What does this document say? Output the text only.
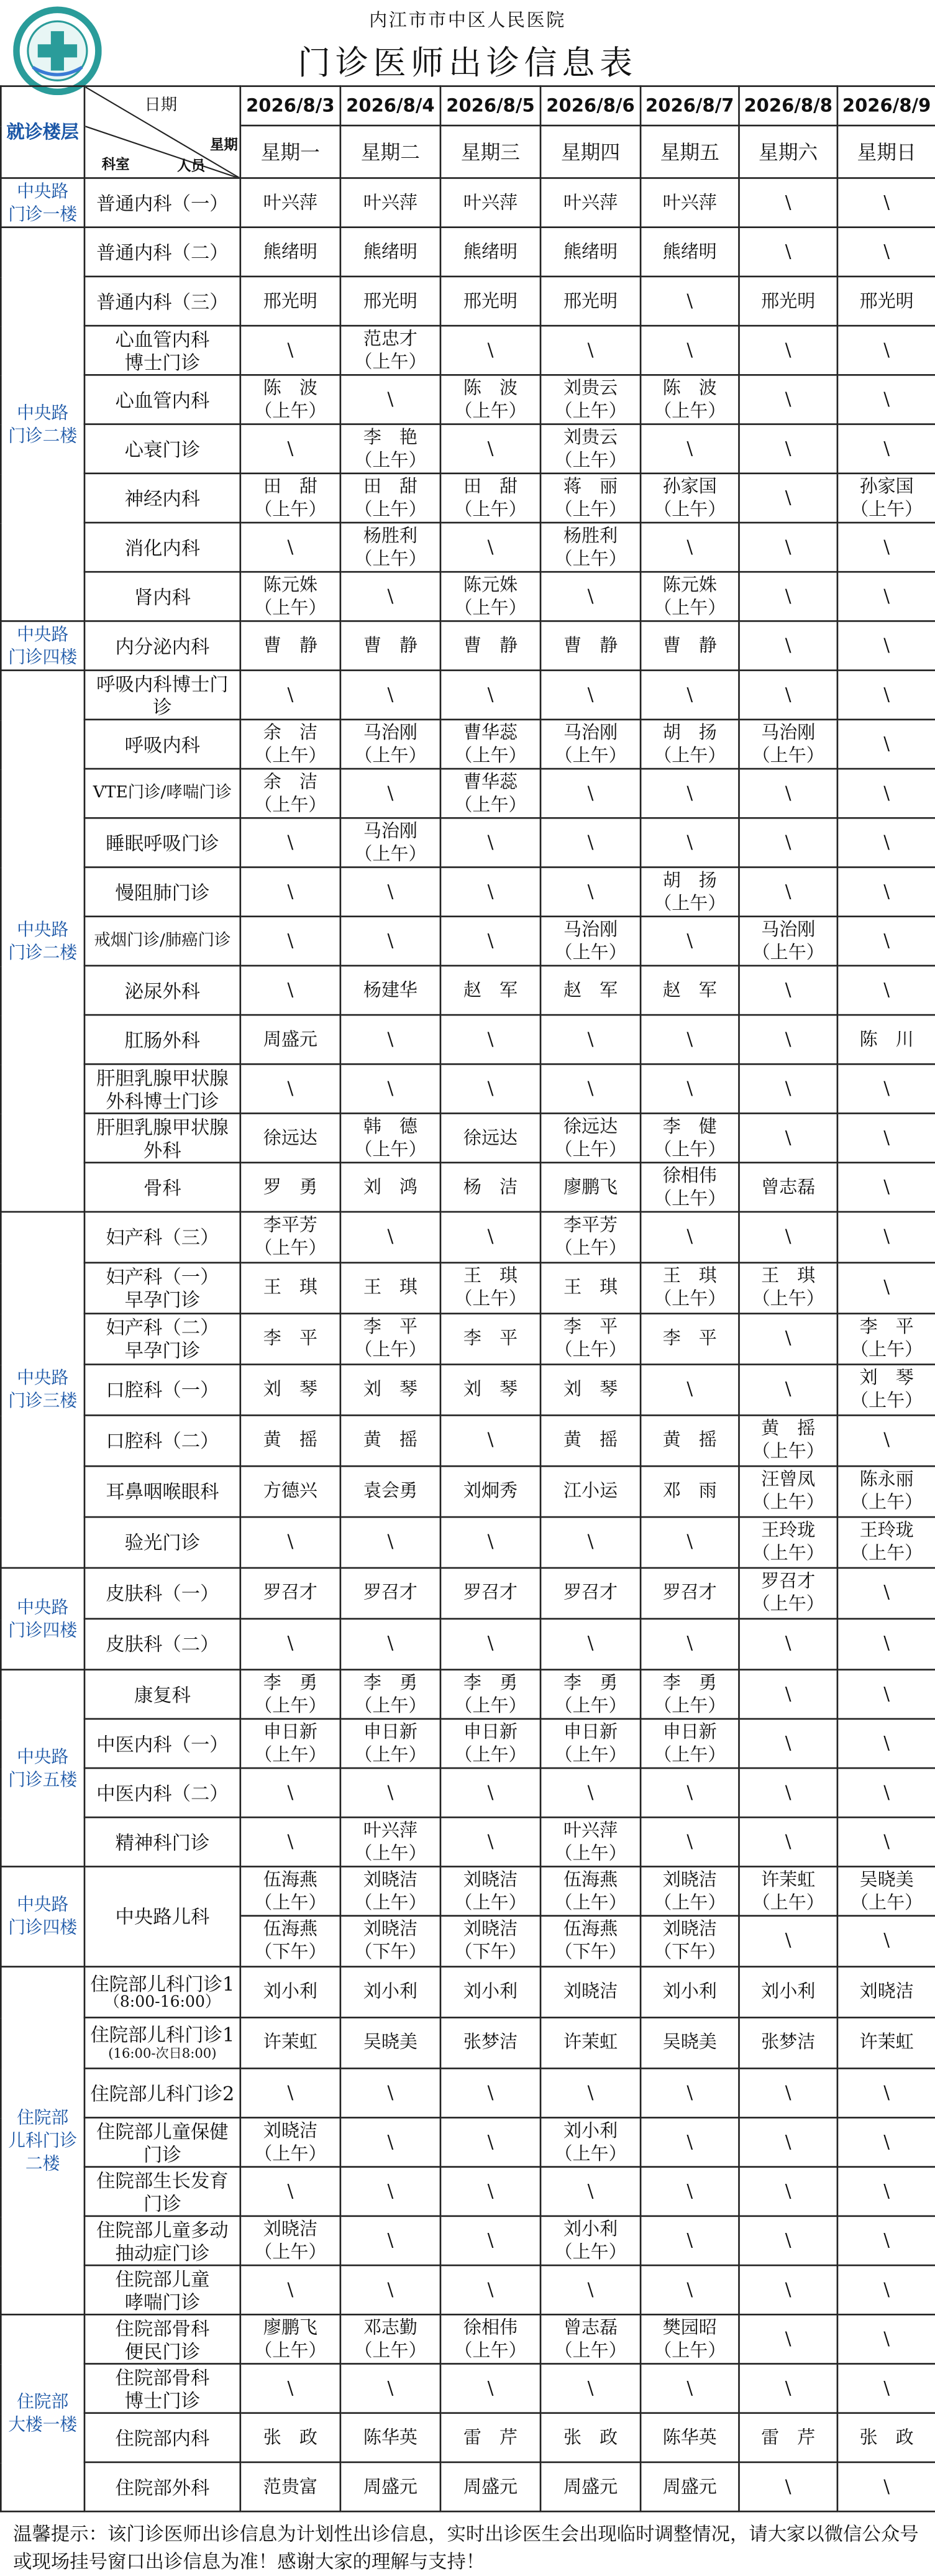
内江市市中区人民医院
门诊医师出诊信息表
就诊楼层	日期
星期
人员
科室	2026/8/3	2026/8/4	2026/8/5	2026/8/6	2026/8/7	2026/8/8	2026/8/9
		星期一	星期二	星期三	星期四	星期五	星期六	星期日

中央路
门诊一楼	普通内科（一）	叶兴萍	叶兴萍	叶兴萍	叶兴萍	叶兴萍	\	\

中央路
门诊二楼	普通内科（二）	熊绪明	熊绪明	熊绪明	熊绪明	熊绪明	\	\

	普通内科（三）	邢光明	邢光明	邢光明	邢光明	\	邢光明	邢光明

	心血管内科
博士门诊	\	范忠才
（上午）	\	\	\	\	\

	心血管内科	陈　波
（上午）	\	陈　波
（上午）	刘贵云
（上午）	陈　波
（上午）	\	\

	心衰门诊	\	李　艳
（上午）	\	刘贵云
（上午）	\	\	\

	神经内科	田　甜
（上午）	田　甜
（上午）	田　甜
（上午）	蒋　丽
（上午）	孙家国
（上午）	\	孙家国
（上午）

	消化内科	\	杨胜利
（上午）	\	杨胜利
（上午）	\	\	\

	肾内科	陈元姝
（上午）	\	陈元姝
（上午）	\	陈元姝
（上午）	\	\

中央路
门诊四楼	内分泌内科	曹　静	曹　静	曹　静	曹　静	曹　静	\	\

中央路
门诊二楼	呼吸内科博士门
诊	\	\	\	\	\	\	\

	呼吸内科	余　洁
（上午）	马治刚
（上午）	曹华蕊
（上午）	马治刚
（上午）	胡　扬
（上午）	马治刚
（上午）	\

	VTE门诊/哮喘门诊	余　洁
（上午）	\	曹华蕊
（上午）	\	\	\	\

	睡眠呼吸门诊	\	马治刚
（上午）	\	\	\	\	\

	慢阻肺门诊	\	\	\	\	胡　扬
（上午）	\	\

	戒烟门诊/肺癌门诊	\	\	\	马治刚
（上午）	\	马治刚
（上午）	\

	泌尿外科	\	杨建华	赵　军	赵　军	赵　军	\	\

	肛肠外科	周盛元	\	\	\	\	\	陈　川

	肝胆乳腺甲状腺
外科博士门诊	\	\	\	\	\	\	\

	肝胆乳腺甲状腺
外科	徐远达	韩　德
（上午）	徐远达	徐远达
（上午）	李　健
（上午）	\	\

	骨科	罗　勇	刘　鸿	杨　洁	廖鹏飞	徐相伟
（上午）	曾志磊	\

中央路
门诊三楼	妇产科（三）	李平芳
（上午）	\	\	李平芳
（上午）	\	\	\

	妇产科（一）
早孕门诊	王　琪	王　琪	王　琪
（上午）	王　琪	王　琪
（上午）	王　琪
（上午）	\

	妇产科（二）
早孕门诊	李　平	李　平
（上午）	李　平	李　平
（上午）	李　平	\	李　平
（上午）

	口腔科（一）	刘　琴	刘　琴	刘　琴	刘　琴	\	\	刘　琴
（上午）

	口腔科（二）	黄　摇	黄　摇	\	黄　摇	黄　摇	黄　摇
（上午）	\

	耳鼻咽喉眼科	方德兴	袁会勇	刘炯秀	江小运	邓　雨	汪曾凤
（上午）	陈永丽
（上午）

	验光门诊	\	\	\	\	\	王玲珑
（上午）	王玲珑
（上午）

中央路
门诊四楼	皮肤科（一）	罗召才	罗召才	罗召才	罗召才	罗召才	罗召才
（上午）	\

	皮肤科（二）	\	\	\	\	\	\	\

中央路
门诊五楼	康复科	李　勇
（上午）	李　勇
（上午）	李　勇
（上午）	李　勇
（上午）	李　勇
（上午）	\	\

	中医内科（一）	申日新
（上午）	申日新
（上午）	申日新
（上午）	申日新
（上午）	申日新
（上午）	\	\

	中医内科（二）	\	\	\	\	\	\	\

	精神科门诊	\	叶兴萍
（上午）	\	叶兴萍
（上午）	\	\	\

中央路
门诊四楼	中央路儿科	伍海燕
（上午）	刘晓洁
（上午）	刘晓洁
（上午）	伍海燕
（上午）	刘晓洁
（上午）	许茉虹
（上午）	吴晓美
（上午）

		伍海燕
（下午）	刘晓洁
（下午）	刘晓洁
（下午）	伍海燕
（下午）	刘晓洁
（下午）	\	\

住院部
儿科门诊
二楼	住院部儿科门诊1
（8:00-16:00）	刘小利	刘小利	刘小利	刘晓洁	刘小利	刘小利	刘晓洁

	住院部儿科门诊1
(16:00-次日8:00)	许茉虹	吴晓美	张梦洁	许茉虹	吴晓美	张梦洁	许茉虹

	住院部儿科门诊2	\	\	\	\	\	\	\

	住院部儿童保健
门诊	刘晓洁
（上午）	\	\	刘小利
（上午）	\	\	\

	住院部生长发育
门诊	\	\	\	\	\	\	\

	住院部儿童多动
抽动症门诊	刘晓洁
（上午）	\	\	刘小利
（上午）	\	\	\

	住院部儿童
哮喘门诊	\	\	\	\	\	\	\

住院部
大楼一楼	住院部骨科
便民门诊	廖鹏飞
（上午）	邓志勤
（上午）	徐相伟
（上午）	曾志磊
（上午）	樊园昭
（上午）	\	\

	住院部骨科
博士门诊	\	\	\	\	\	\	\

	住院部内科	张　政	陈华英	雷　芹	张　政	陈华英	雷　芹	张　政

	住院部外科	范贵富	周盛元	周盛元	周盛元	周盛元	\	\
温馨提示：该门诊医师出诊信息为计划性出诊信息，实时出诊医生会出现临时调整情况，请大家以微信公众号或现场挂号窗口出诊信息为准！感谢大家的理解与支持！
